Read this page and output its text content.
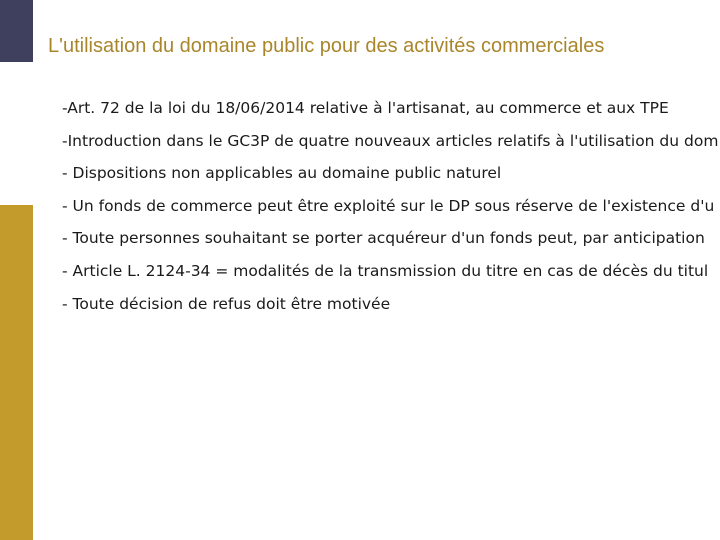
L'utilisation du domaine public pour des activités commerciales
-Art. 72 de la loi du 18/06/2014 relative à l'artisanat, au commerce et aux TPE
-Introduction dans le GC3P de quatre nouveaux articles relatifs à l'utilisation du dom
- Dispositions non applicables au domaine public naturel
- Un fonds de commerce peut être exploité sur le DP sous réserve de l'existence d'u
- Toute personnes souhaitant se porter acquéreur d'un fonds peut, par anticipation
- Article L. 2124-34 = modalités de la transmission du titre en cas de décès du titul
- Toute décision de refus doit être motivée
